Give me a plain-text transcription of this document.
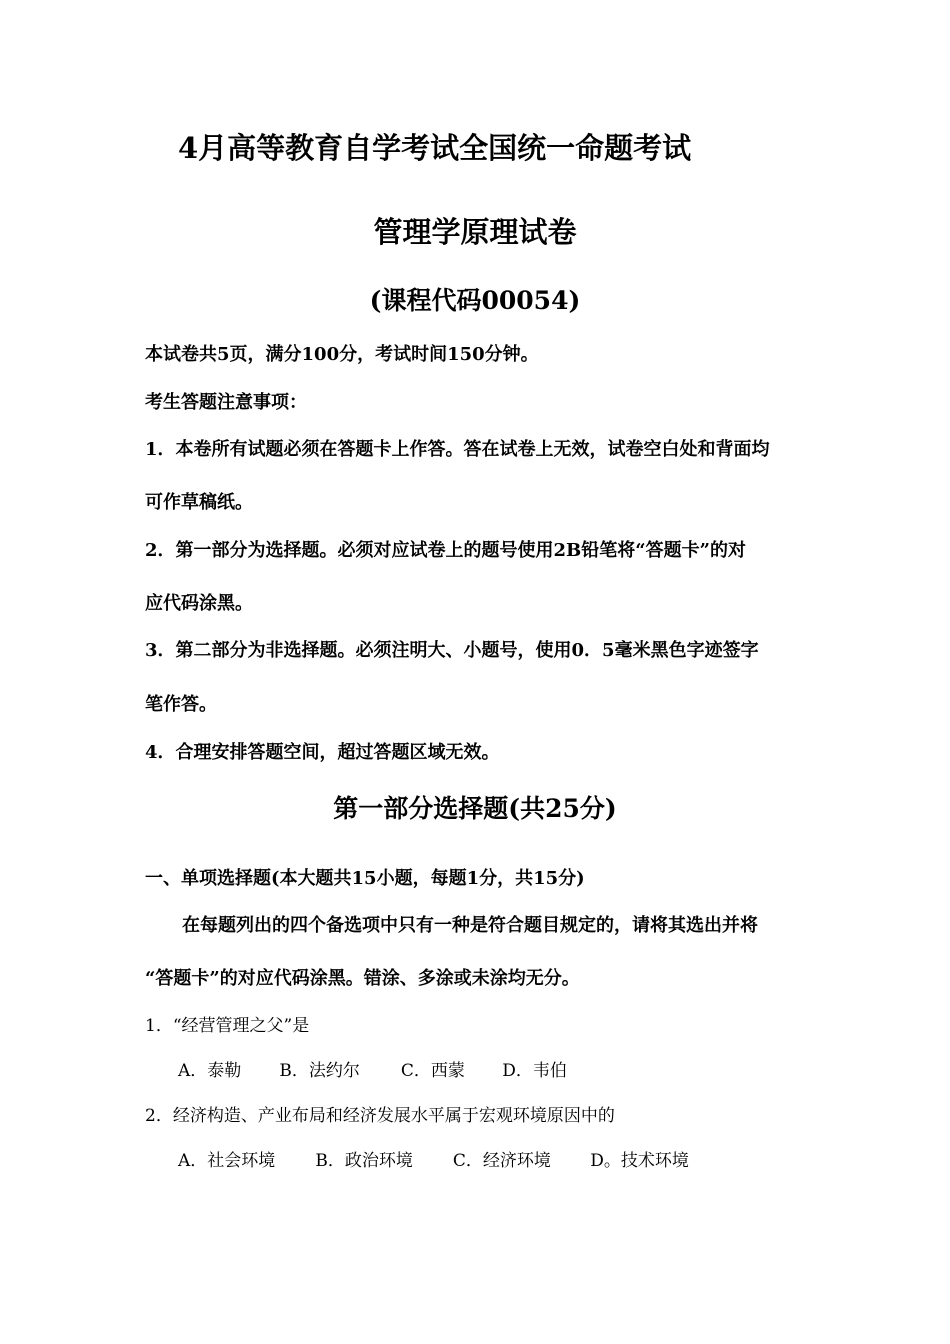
4月高等教育自学考试全国统一命题考试
管理学原理试卷
(课程代码00054)
本试卷共5页，满分100分，考试时间150分钟。
考生答题注意事项：
1．本卷所有试题必须在答题卡上作答。答在试卷上无效，试卷空白处和背面均
可作草稿纸。
2．第一部分为选择题。必须对应试卷上的题号使用2B铅笔将“答题卡”的对
应代码涂黑。
3．第二部分为非选择题。必须注明大、小题号，使用0．5毫米黑色字迹签字
笔作答。
4．合理安排答题空间，超过答题区域无效。
第一部分选择题(共25分)
一、单项选择题(本大题共15小题，每题1分，共15分)
在每题列出的四个备选项中只有一种是符合题目规定的，请将其选出并将
“答题卡”的对应代码涂黑。错涂、多涂或未涂均无分。
1．“经营管理之父”是
A．泰勒 B．法约尔 C．西蒙 D．韦伯
2．经济构造、产业布局和经济发展水平属于宏观环境原因中的
A．社会环境 B．政治环境 C．经济环境 D。技术环境
